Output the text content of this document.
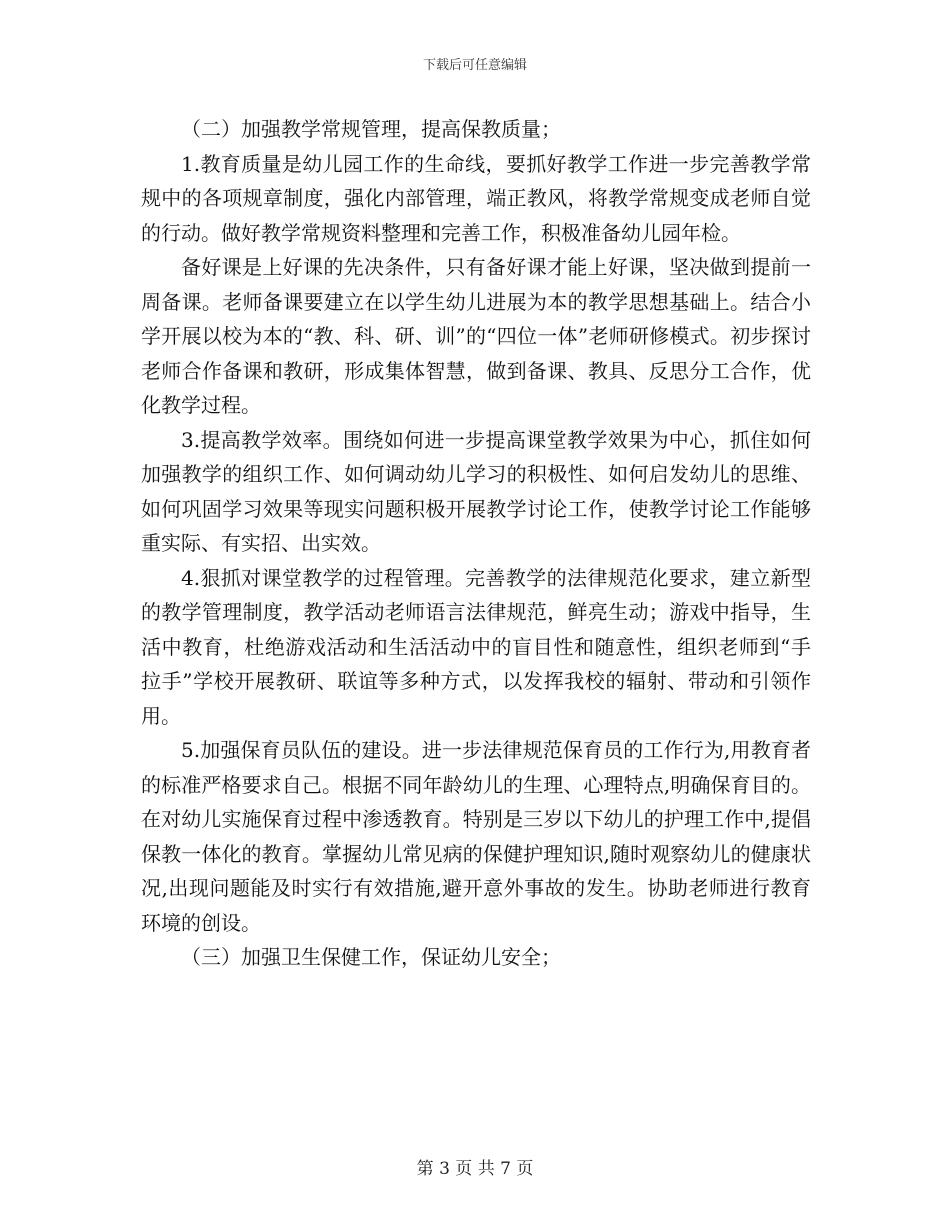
下载后可任意编辑

（二）加强教学常规管理，提高保教质量；

1.教育质量是幼儿园工作的生命线，要抓好教学工作进一步完善教学常规中的各项规章制度，强化内部管理，端正教风，将教学常规变成老师自觉的行动。做好教学常规资料整理和完善工作，积极准备幼儿园年检。

备好课是上好课的先决条件，只有备好课才能上好课，坚决做到提前一周备课。老师备课要建立在以学生幼儿进展为本的教学思想基础上。结合小学开展以校为本的“教、科、研、训”的“四位一体”老师研修模式。初步探讨老师合作备课和教研，形成集体智慧，做到备课、教具、反思分工合作，优化教学过程。

3.提高教学效率。围绕如何进一步提高课堂教学效果为中心，抓住如何加强教学的组织工作、如何调动幼儿学习的积极性、如何启发幼儿的思维、如何巩固学习效果等现实问题积极开展教学讨论工作，使教学讨论工作能够重实际、有实招、出实效。

4.狠抓对课堂教学的过程管理。完善教学的法律规范化要求，建立新型的教学管理制度，教学活动老师语言法律规范，鲜亮生动；游戏中指导，生活中教育，杜绝游戏活动和生活活动中的盲目性和随意性，组织老师到“手拉手”学校开展教研、联谊等多种方式，以发挥我校的辐射、带动和引领作用。

5.加强保育员队伍的建设。进一步法律规范保育员的工作行为,用教育者的标准严格要求自己。根据不同年龄幼儿的生理、心理特点,明确保育目的。在对幼儿实施保育过程中渗透教育。特别是三岁以下幼儿的护理工作中,提倡保教一体化的教育。掌握幼儿常见病的保健护理知识,随时观察幼儿的健康状况,出现问题能及时实行有效措施,避开意外事故的发生。协助老师进行教育环境的创设。

（三）加强卫生保健工作，保证幼儿安全；

第 3 页 共 7 页
